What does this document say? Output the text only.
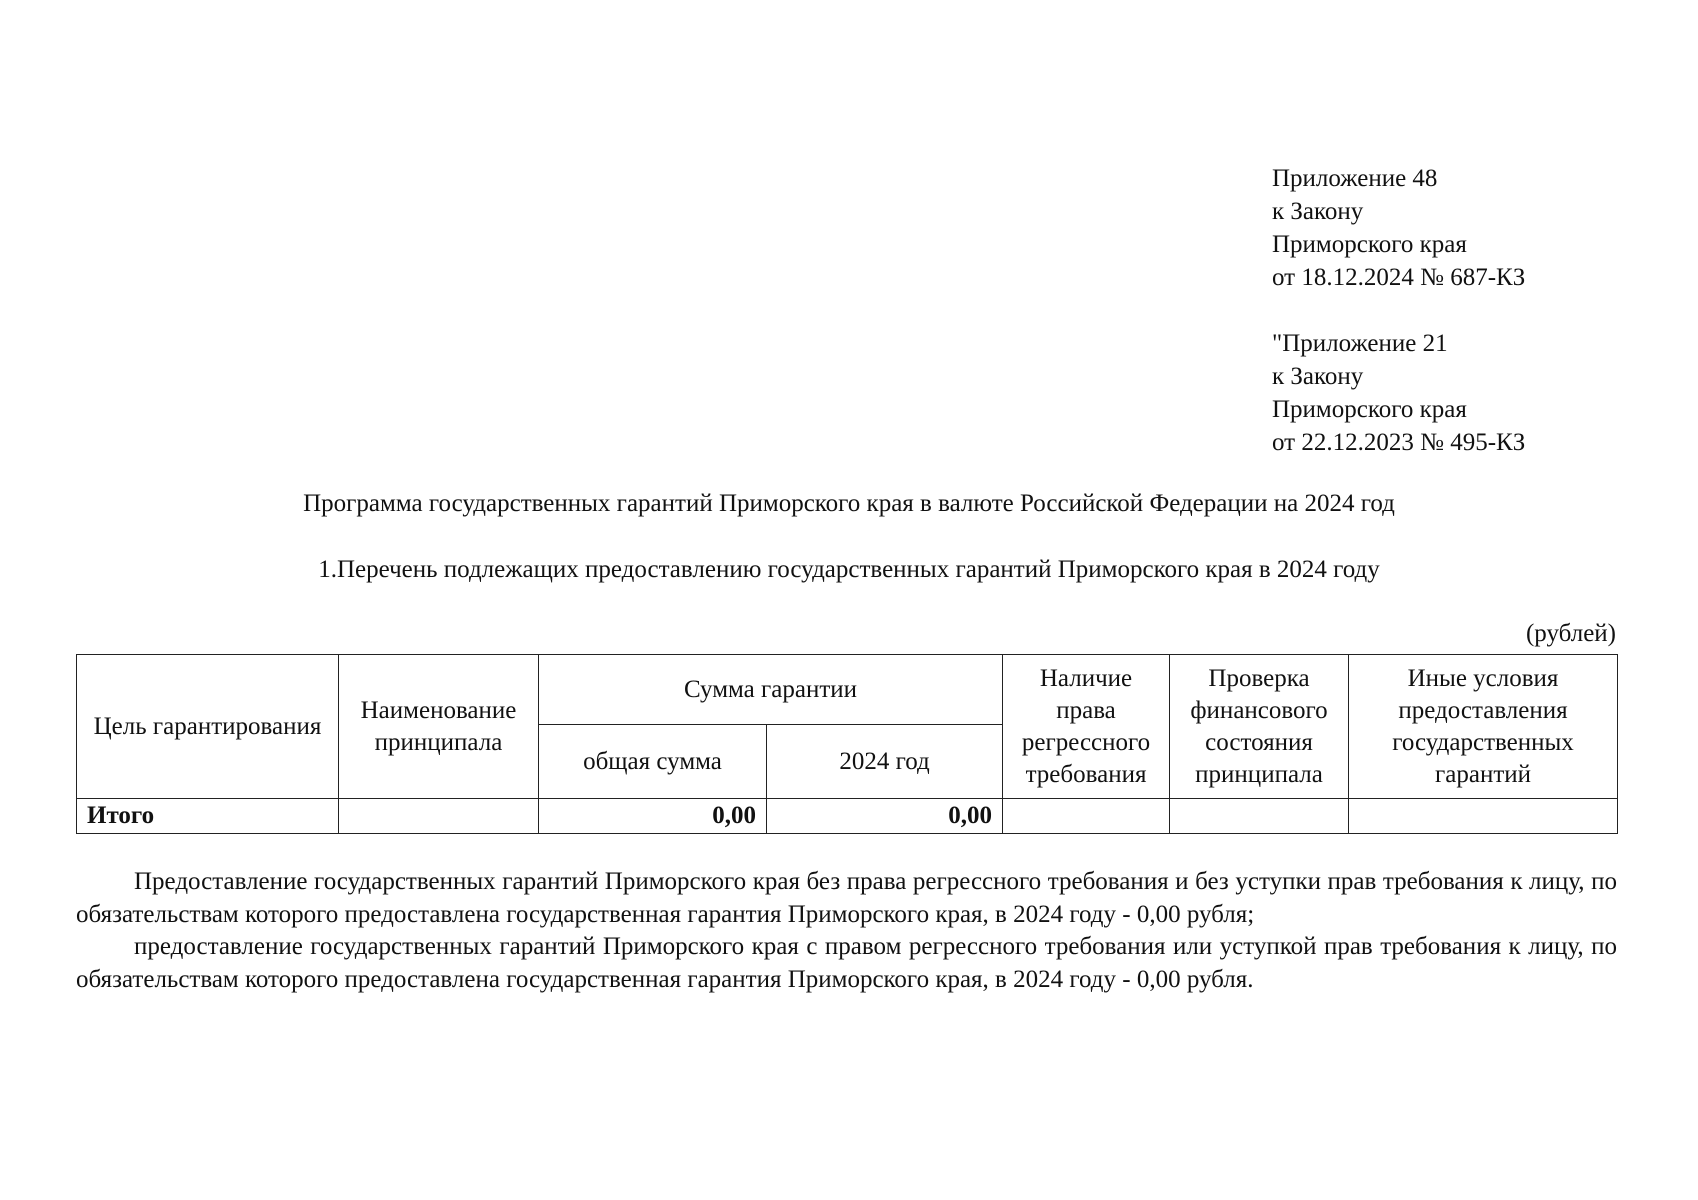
Приложение 48
к Закону
Приморского края
от 18.12.2024 № 687-КЗ
"Приложение 21
к Закону
Приморского края
от 22.12.2023 № 495-КЗ
Программа государственных гарантий Приморского края в валюте Российской Федерации на 2024 год
1.Перечень подлежащих предоставлению государственных гарантий Приморского края в 2024 году
(рублей)
Цель гарантирования	Наименование принципала	Сумма гарантии		Наличие права регрессного требования	Проверка финансового состояния принципала	Иные условия предоставления государственных гарантий
		общая сумма	2024 год			
Итого		0,00	0,00			

Предоставление государственных гарантий Приморского края без права регрессного требования и без уступки прав требования к лицу, по обязательствам которого предоставлена государственная гарантия Приморского края, в 2024 году - 0,00 рубля;

предоставление государственных гарантий Приморского края с правом регрессного требования или уступкой прав требования к лицу, по обязательствам которого предоставлена государственная гарантия Приморского края, в 2024 году - 0,00 рубля.
